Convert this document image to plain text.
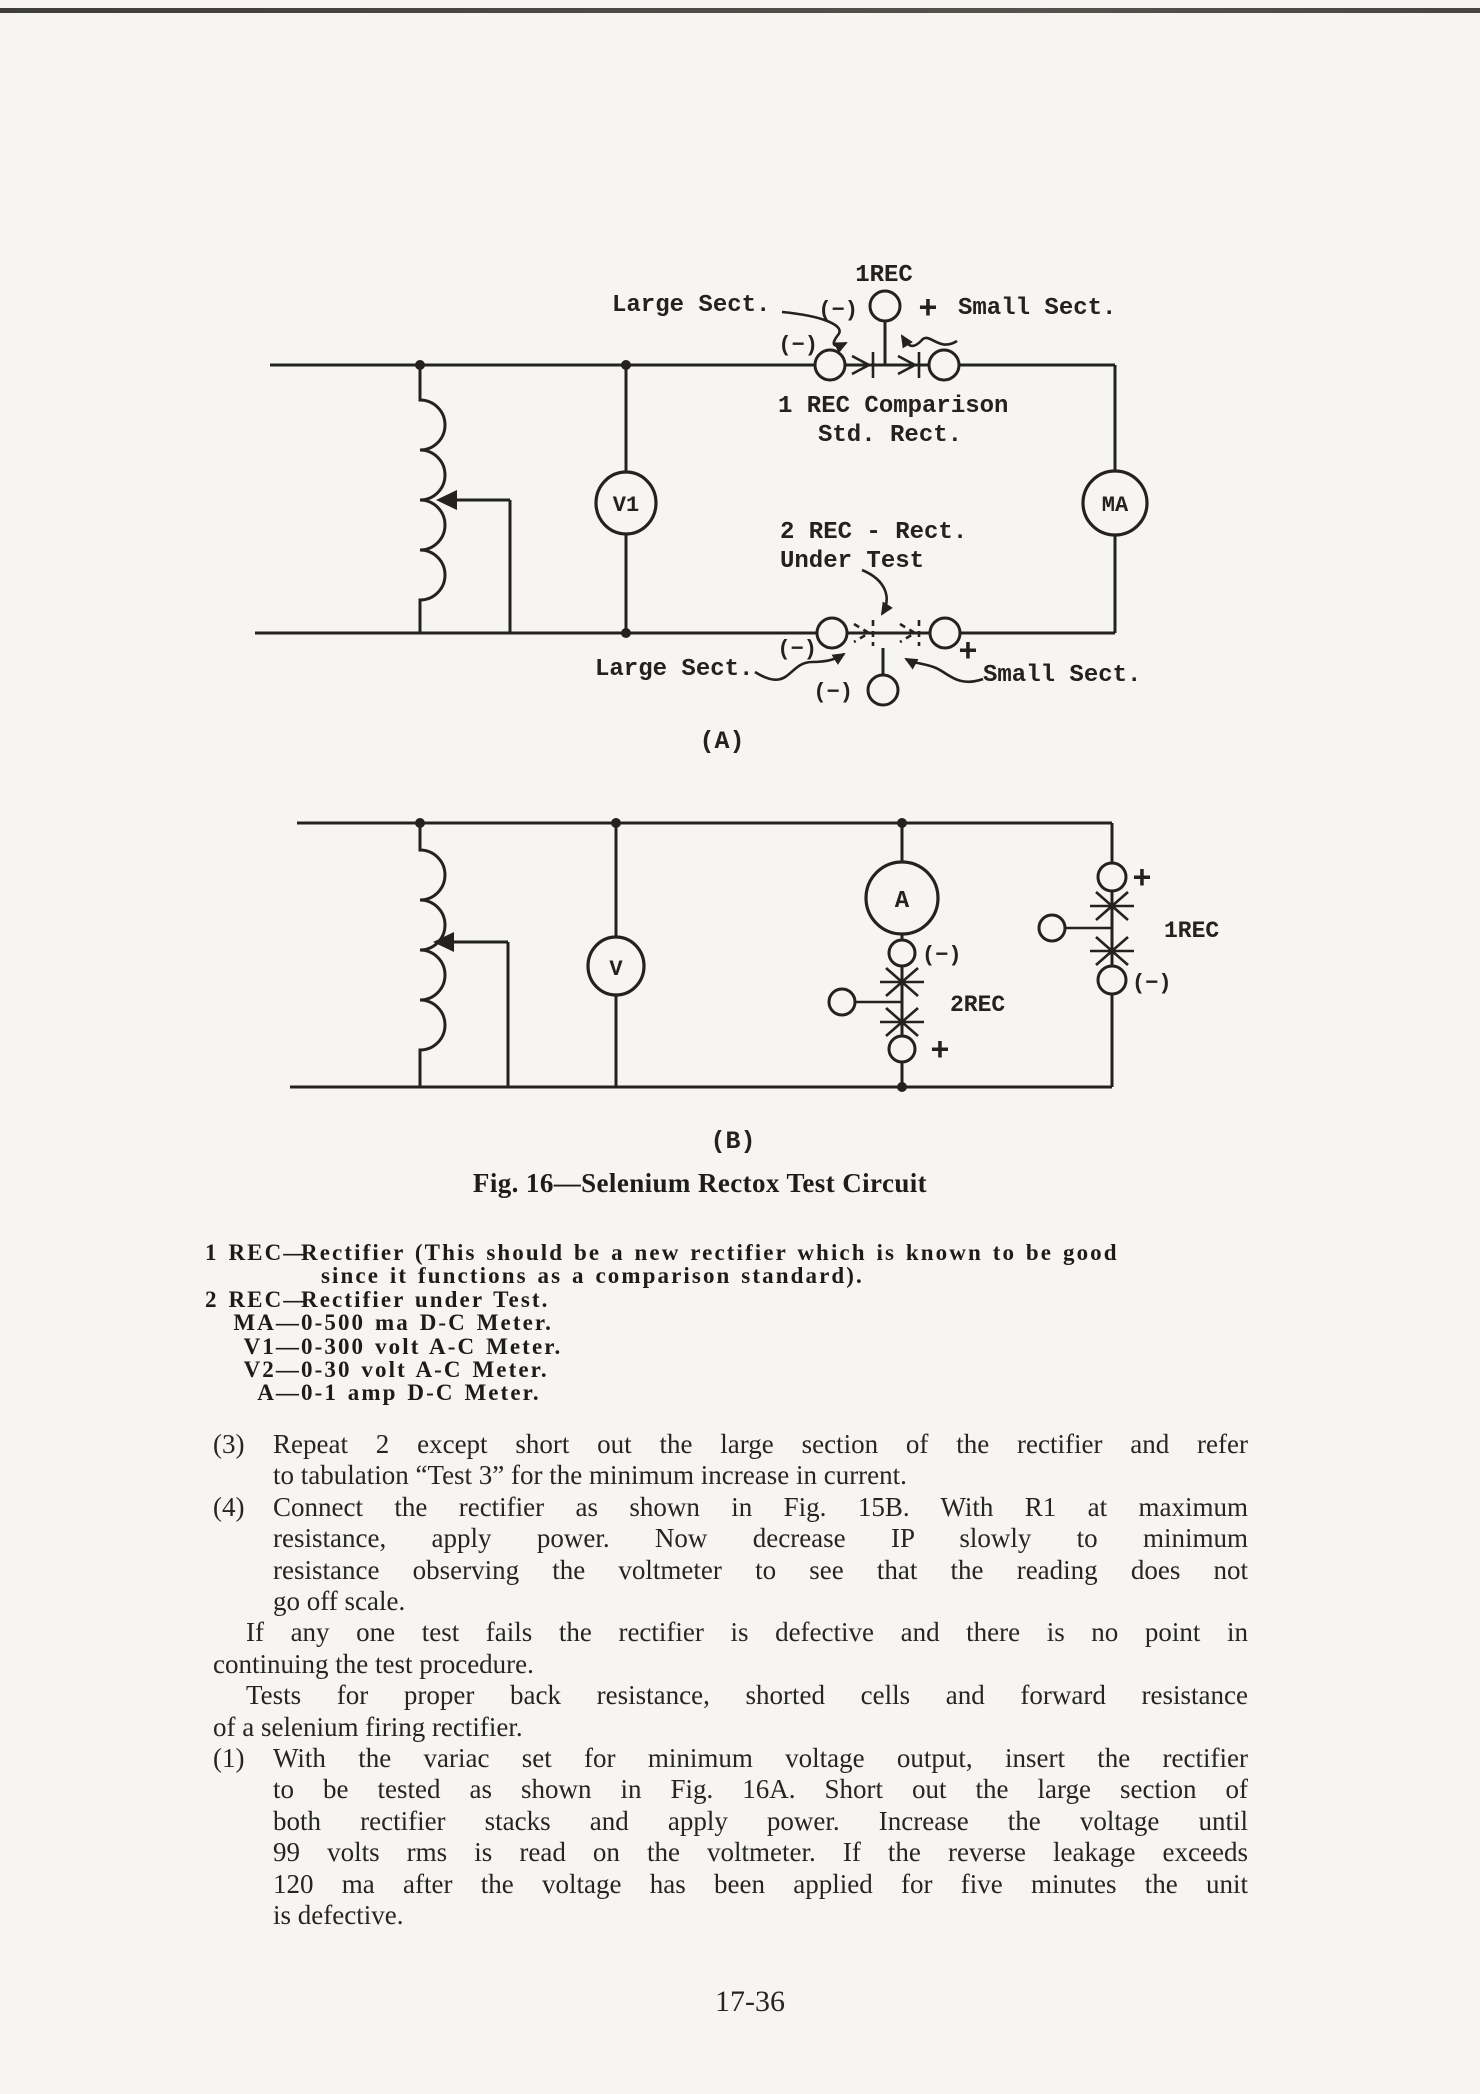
1REC
(−) +
Large Sect.	Small Sect.
(−)
1 REC Comparison
Std. Rect.
2 REC - Rect.
Under Test
(−)	+
(−)
Large Sect.	Small Sect.
V1	MA
(A)
A
V
(−)
2REC
+
+
1REC
(−)
(B)
Fig. 16—Selenium Rectox Test Circuit
1 REC—
Rectifier (This should be a new rectifier which is known to be good
since it functions as a comparison standard).
2 REC—
Rectifier under Test.
MA— 0-500 ma D-C Meter.
V1— 0-300 volt A-C Meter.
V2— 0-30 volt A-C Meter.
A— 0-1 amp D-C Meter.
(3) Repeat 2 except short out the large section of the rectifier and refer
to tabulation “Test 3” for the minimum increase in current.
(4) Connect the rectifier as shown in Fig. 15B. With R1 at maximum
resistance, apply power. Now decrease IP slowly to minimum
resistance observing the voltmeter to see that the reading does not
go off scale.
If any one test fails the rectifier is defective and there is no point in
continuing the test procedure.
Tests for proper back resistance, shorted cells and forward resistance
of a selenium firing rectifier.
(1) With the variac set for minimum voltage output, insert the rectifier
to be tested as shown in Fig. 16A. Short out the large section of
both rectifier stacks and apply power. Increase the voltage until
99 volts rms is read on the voltmeter. If the reverse leakage exceeds
120 ma after the voltage has been applied for five minutes the unit
is defective.
17-36
